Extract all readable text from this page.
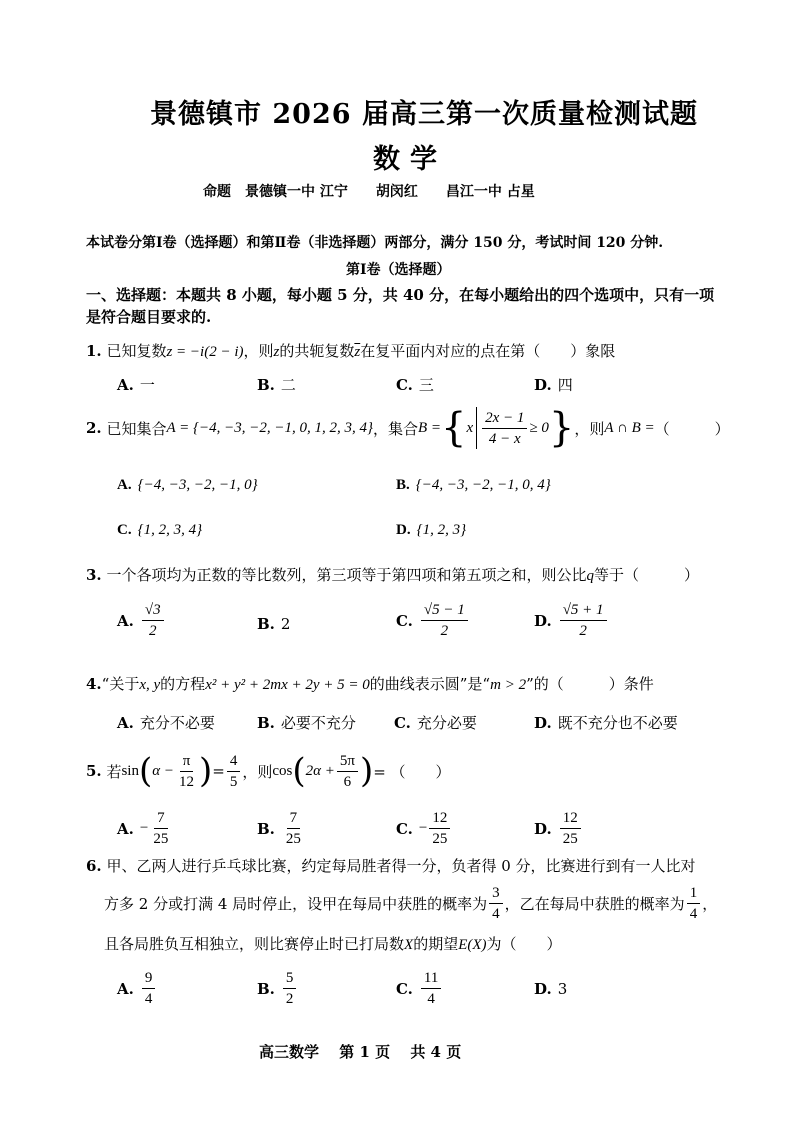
景德镇市 2026 届高三第一次质量检测试题
数学
命题　景德镇一中 江宁　　胡闵红　　昌江一中 占星
本试卷分第Ⅰ卷（选择题）和第Ⅱ卷（非选择题）两部分，满分 150 分，考试时间 120 分钟.
第Ⅰ卷（选择题）
一、选择题：本题共 8 小题，每小题 5 分，共 40 分，在每小题给出的四个选项中，只有一项
是符合题目要求的.
1. 已知复数z = −i(2 − i)，则z的共轭复数$\overline{z}$在复平面内对应的点在第（　　）象限
A. 一	B. 二	C. 三	D. 四
2.
已知集合 A = {−4, −3, −2, −1, 0, 1, 2, 3, 4} ，集合 B = { x $\frac{2x - 1}{4 - x} \ge 0$ } ，则 A ∩ B = （　　　）
A. {−4, −3, −2, −1, 0}	B. {−4, −3, −2, −1, 0, 4}
C. {1, 2, 3, 4}	D. {1, 2, 3}
3. 一个各项均为正数的等比数列，第三项等于第四项和第五项之和，则公比q等于（　　　）
A. $\frac{√3}{2}$	B. 2	C. $\frac{√5 - 1}{2}$	D. $\frac{√5 + 1}{2}$
4.“关于x, y的方程x² + y² + 2mx + 2y + 5 = 0的曲线表示圆”是“m > 2”的（　　　）条件
A. 充分不必要	B. 必要不充分	C. 充分必要	D. 既不充分也不必要
5.
若 sin ( $\alpha - \frac{\pi}{12}$ ) = $\frac{4}{5}$ ，则 cos ( $2\alpha + \frac{5\pi}{6}$ ) = （　　）
A. − $\frac{7}{25}$	B. $\frac{7}{25}$	C. − $\frac{12}{25}$	D. $\frac{12}{25}$
6. 甲、乙两人进行乒乓球比赛，约定每局胜者得一分，负者得 0 分，比赛进行到有一人比对
方多 2 分或打满 4 局时停止，设甲在每局中获胜的概率为 $\frac{3}{4}$ ，乙在每局中获胜的概率为 $\frac{1}{4}$ ，
且各局胜负互相独立，则比赛停止时已打局数X的期望E(X)为（　　）
A. $\frac{9}{4}$	B. $\frac{5}{2}$	C. $\frac{11}{4}$	D. 3
高三数学　 第 1 页　 共 4 页
